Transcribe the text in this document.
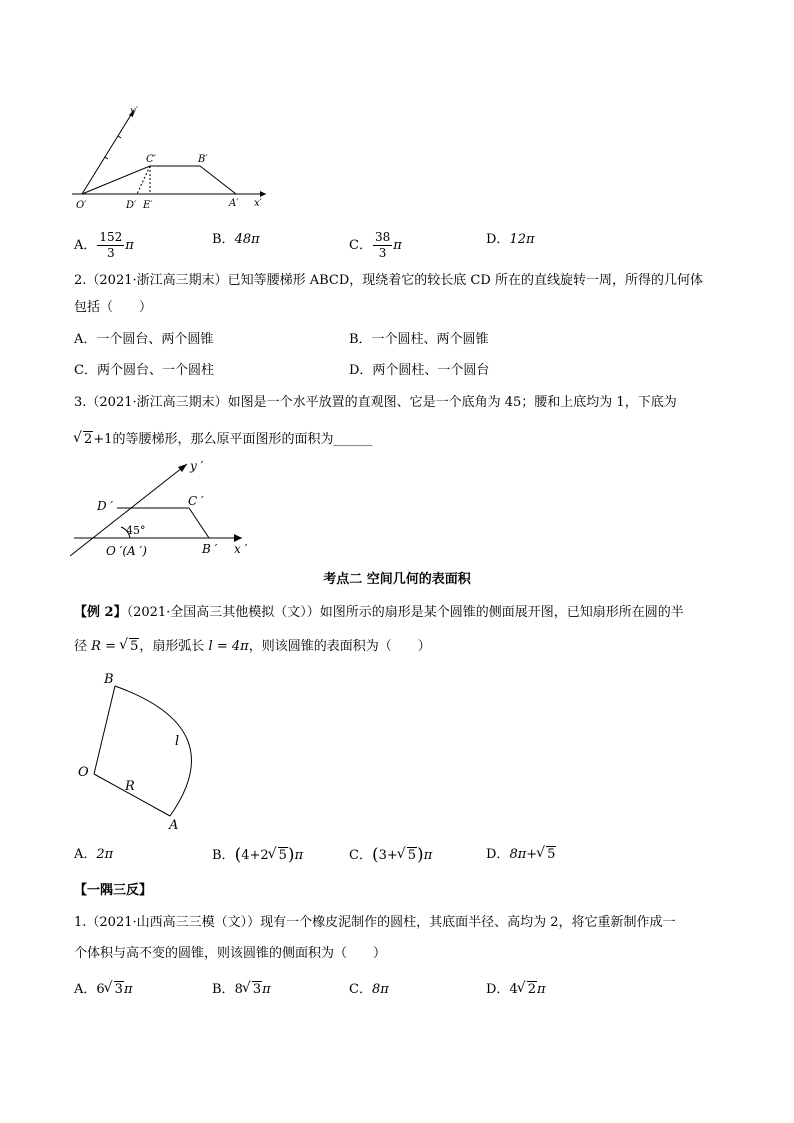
y′
x′
O′	D′ E′	A′
C′	B′
A． $\frac{152}{3}$ π	B．48π	C． $\frac{38}{3}$ π	D．12π
2.（2021·浙江高三期末）已知等腰梯形 ABCD，现绕着它的较长底 CD 所在的直线旋转一周，所得的几何体
包括（　　）
A．一个圆台、两个圆锥	B．一个圆柱、两个圆锥
C．两个圆台、一个圆柱	D．两个圆柱、一个圆台
3.（2021·浙江高三期末）如图是一个水平放置的直观图、它是一个底角为 45；腰和上底均为 1，下底为
√ 2+1的等腰梯形，那么原平面图形的面积为______
45°
y ′
x ′
D ′	C ′
O ′(A ′)	B ′
考点二 空间几何的表面积
【例 2】（2021·全国高三其他模拟（文））如图所示的扇形是某个圆锥的侧面展开图，已知扇形所在圆的半
径 R = √ 5，扇形弧长 l = 4π，则该圆锥的表面积为（　　）
B
O
A
l
R
A．2π	B．(4+2 √ 5)π	C．(3+ √ 5)π	D．8π+ √ 5
【一隅三反】
1.（2021·山西高三三模（文））现有一个橡皮泥制作的圆柱，其底面半径、高均为 2，将它重新制作成一
个体积与高不变的圆锥，则该圆锥的侧面积为（　　）
A．6 √ 3π	B．8 √ 3π	C．8π	D．4 √ 2π
